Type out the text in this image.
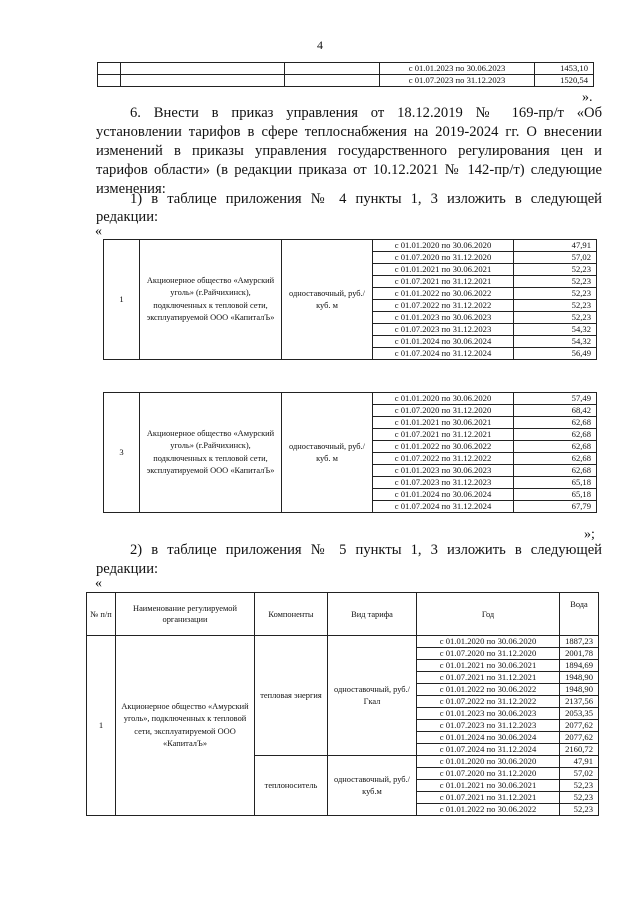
4
			с 01.01.2023 по 30.06.2023	1453,10
			с 01.07.2023 по 31.12.2023	1520,54
».
6. Внести в приказ управления от 18.12.2019 № 169-пр/т «Об
установлении тарифов в сфере теплоснабжения на 2019-2024 гг. О внесении
изменений в приказы управления государственного регулирования цен и
тарифов области» (в редакции приказа от 10.12.2021 № 142-пр/т) следующие
изменения:
1) в таблице приложения № 4 пункты 1, 3 изложить в следующей
редакции:
«
1	Акционерное общество «Амурский уголь» (г.Райчихинск), подключенных к тепловой сети, эксплуатируемой ООО «КапиталЪ»	одноставочный, руб./куб. м	с 01.01.2020 по 30.06.2020	47,91
			с 01.07.2020 по 31.12.2020	57,02
			с 01.01.2021 по 30.06.2021	52,23
			с 01.07.2021 по 31.12.2021	52,23
			с 01.01.2022 по 30.06.2022	52,23
			с 01.07.2022 по 31.12.2022	52,23
			с 01.01.2023 по 30.06.2023	52,23
			с 01.07.2023 по 31.12.2023	54,32
			с 01.01.2024 по 30.06.2024	54,32
			с 01.07.2024 по 31.12.2024	56,49
3	Акционерное общество «Амурский уголь» (г.Райчихинск), подключенных к тепловой сети, эксплуатируемой ООО «КапиталЪ»	одноставочный, руб./куб. м	с 01.01.2020 по 30.06.2020	57,49
			с 01.07.2020 по 31.12.2020	68,42
			с 01.01.2021 по 30.06.2021	62,68
			с 01.07.2021 по 31.12.2021	62,68
			с 01.01.2022 по 30.06.2022	62,68
			с 01.07.2022 по 31.12.2022	62,68
			с 01.01.2023 по 30.06.2023	62,68
			с 01.07.2023 по 31.12.2023	65,18
			с 01.01.2024 по 30.06.2024	65,18
			с 01.07.2024 по 31.12.2024	67,79
»;
2) в таблице приложения № 5 пункты 1, 3 изложить в следующей
редакции:
«
№ п/п	Наименование регулируемой организации	Компоненты	Вид тарифа	Год	Вода
1	Акционерное общество «Амурский уголь», подключенных к тепловой сети, эксплуатируемой ООО «КапиталЪ»	тепловая энергия	одноставочный, руб./Гкал	с 01.01.2020 по 30.06.2020	1887,23
				с 01.07.2020 по 31.12.2020	2001,78
				с 01.01.2021 по 30.06.2021	1894,69
				с 01.07.2021 по 31.12.2021	1948,90
				с 01.01.2022 по 30.06.2022	1948,90
				с 01.07.2022 по 31.12.2022	2137,56
				с 01.01.2023 по 30.06.2023	2053,35
				с 01.07.2023 по 31.12.2023	2077,62
				с 01.01.2024 по 30.06.2024	2077,62
				с 01.07.2024 по 31.12.2024	2160,72
		теплоноситель	одноставочный, руб./куб.м	с 01.01.2020 по 30.06.2020	47,91
				с 01.07.2020 по 31.12.2020	57,02
				с 01.01.2021 по 30.06.2021	52,23
				с 01.07.2021 по 31.12.2021	52,23
				с 01.01.2022 по 30.06.2022	52,23
